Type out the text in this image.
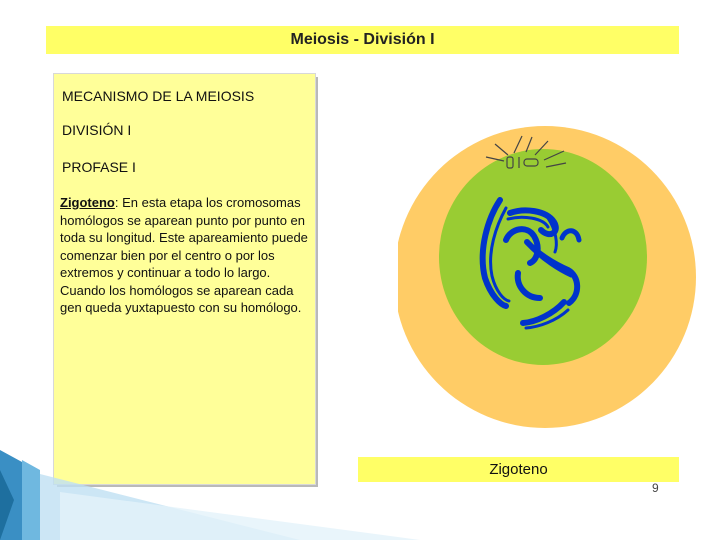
Meiosis - División I
MECANISMO DE LA MEIOSIS
DIVISIÓN I
PROFASE I
Zigoteno: En esta etapa los cromosomas homólogos se aparean punto por punto en toda su longitud. Este apareamiento puede comenzar bien por el centro o por los extremos y continuar a todo lo largo. Cuando los homólogos se aparean cada gen queda yuxtapuesto con su homólogo.
Zigoteno
9
